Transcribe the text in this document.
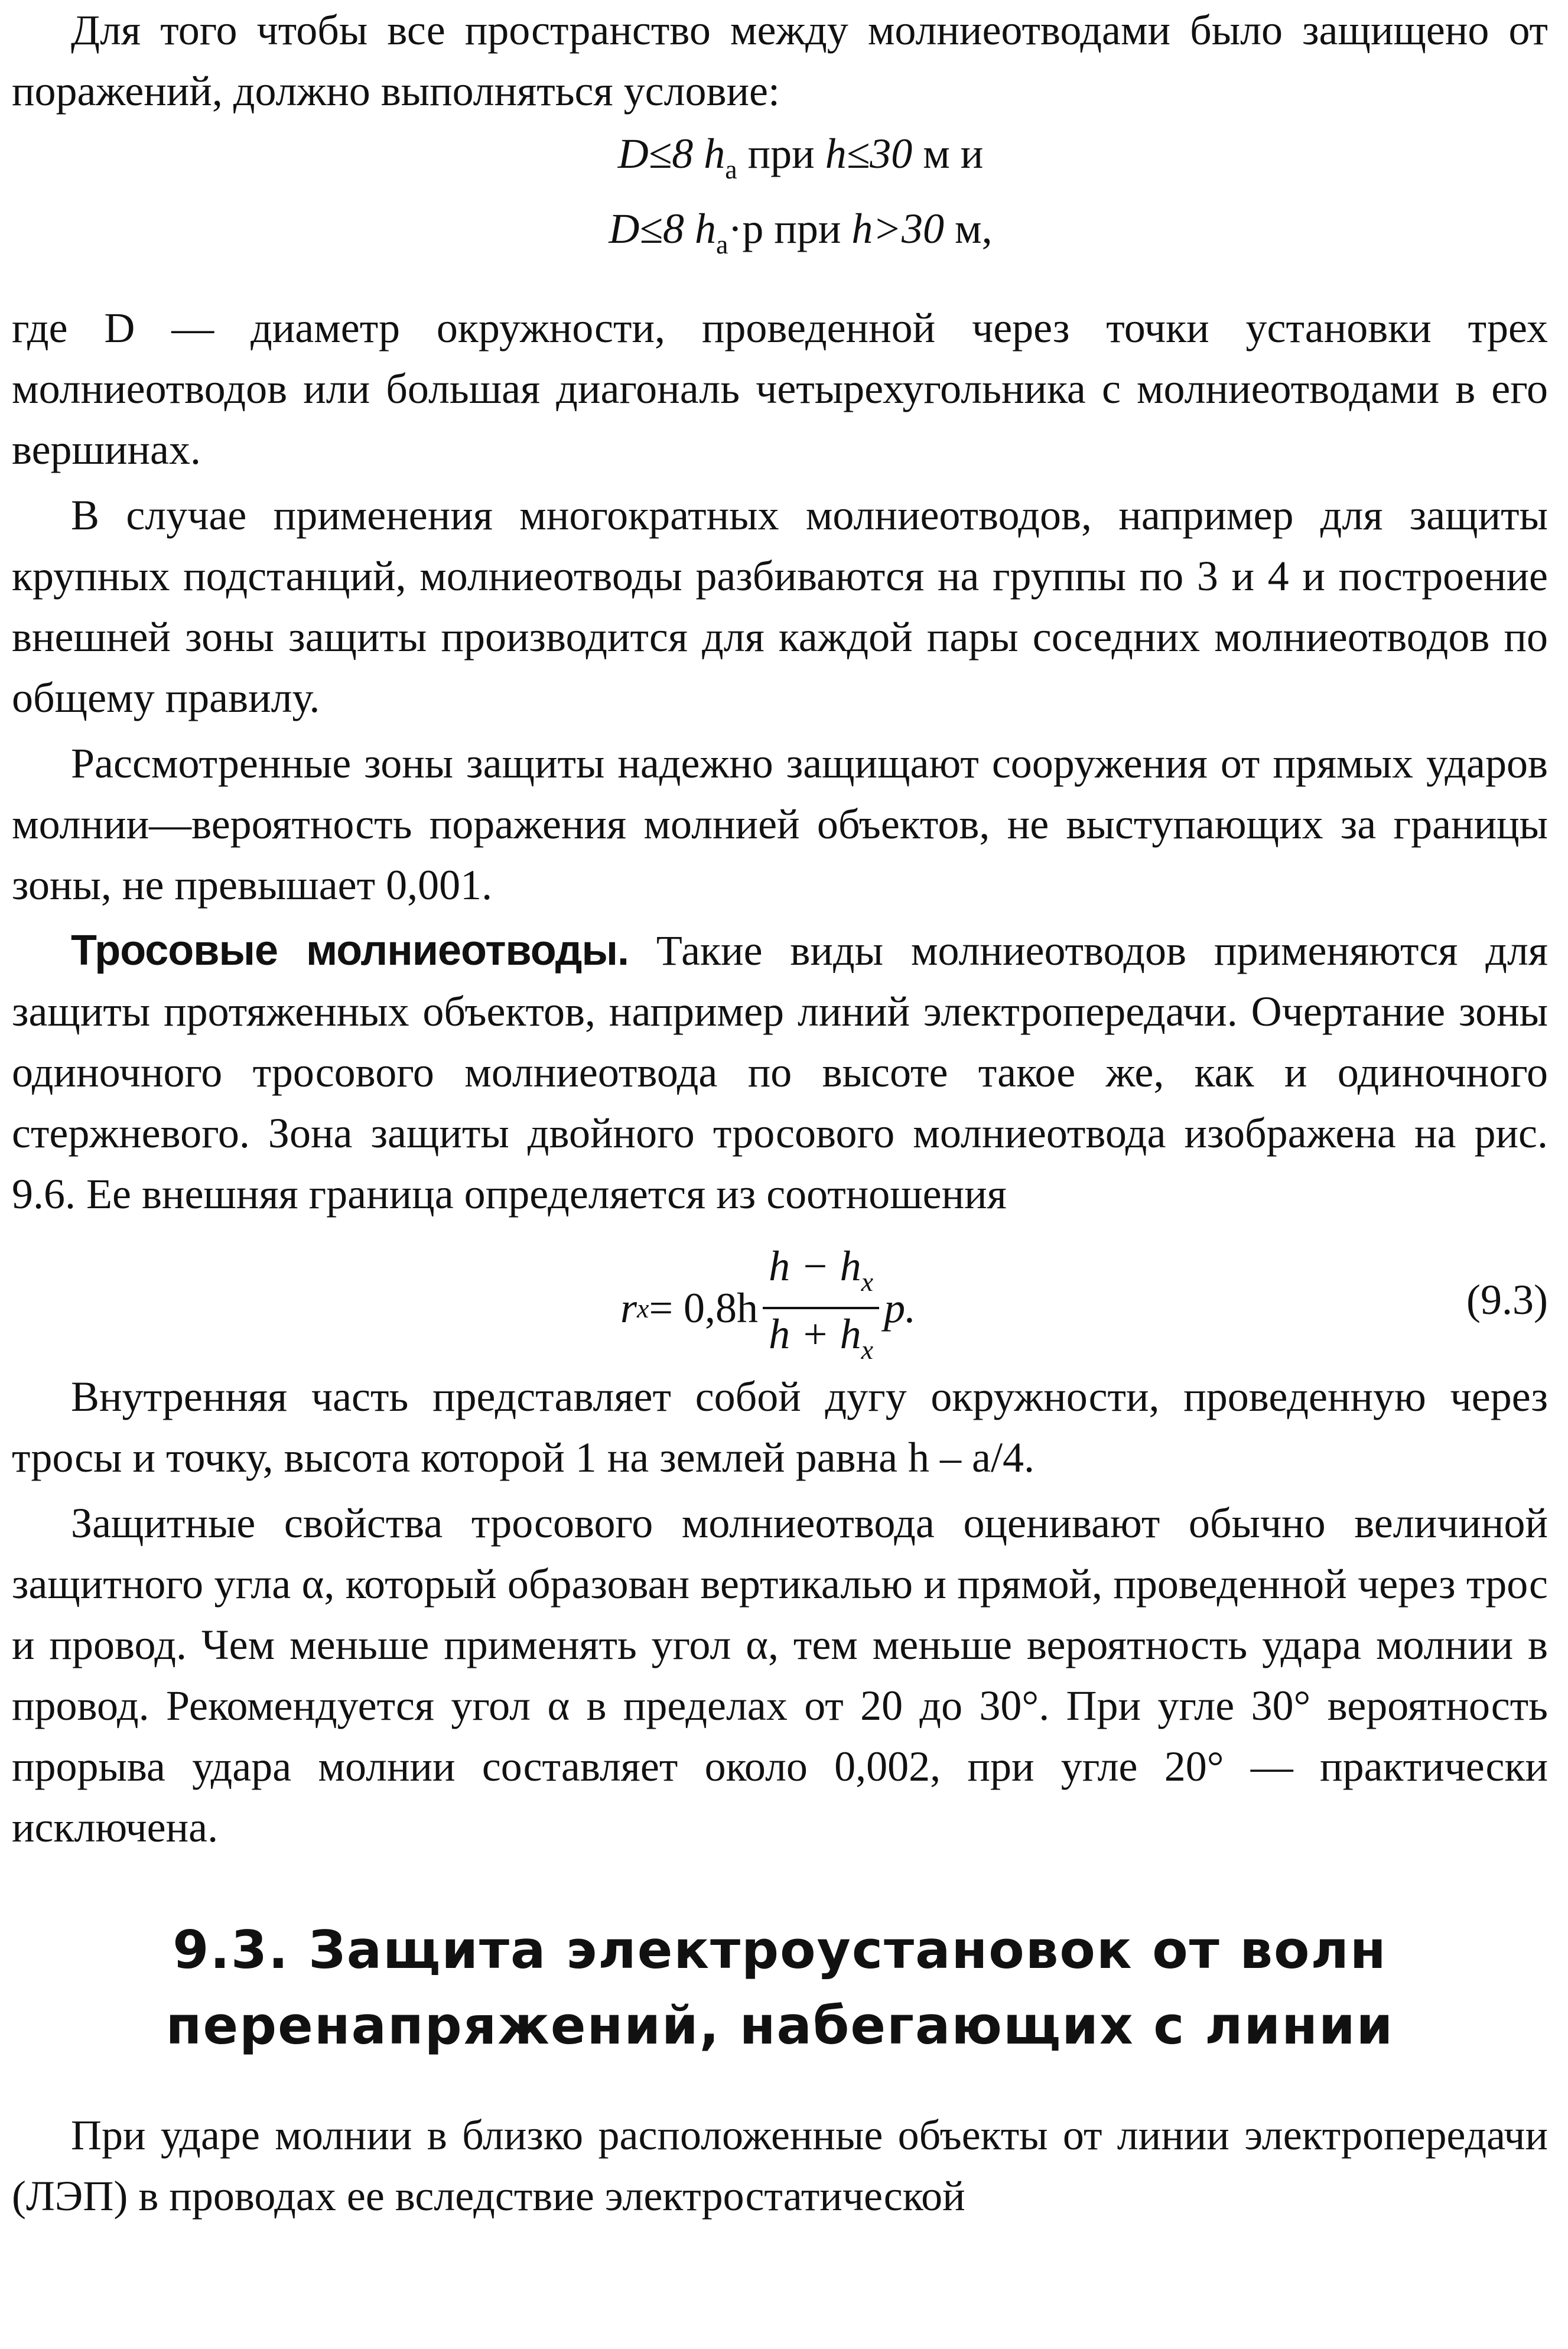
Для того чтобы все пространство между молниеотводами было защищено от поражений, должно выполняться условие:

D≤8 $h_а$ при h≤30 м и

D≤8 $h_а\cdot p$ при h>30 м,

где D — диаметр окружности, проведенной через точки установки трех молниеотводов или большая диагональ четырехугольника с молниеотводами в его вершинах.

В случае применения многократных молниеотводов, например для защиты крупных подстанций, молниеотводы разбиваются на группы по 3 и 4 и построение внешней зоны защиты производится для каждой пары соседних молниеотводов по общему правилу.

Рассмотренные зоны защиты надежно защищают сооружения от прямых ударов молнии—вероятность поражения молнией объектов, не выступающих за границы зоны, не превышает 0,001.

Тросовые молниеотводы. Такие виды молниеотводов применяются для защиты протяженных объектов, например линий электропередачи. Очертание зоны одиночного тросового молниеотвода по высоте такое же, как и одиночного стержневого. Зона защиты двойного тросового молниеотвода изображена на рис. 9.6. Ее внешняя граница определяется из соотношения

r $x = 0,8h \frac{h - h_x}{h + h_x} p$.	(9.3)

Внутренняя часть представляет собой дугу окружности, проведенную через тросы и точку, высота которой 1 на землей равна h – a/4.

Защитные свойства тросового молниеотвода оценивают обычно величиной защитного угла α, который образован вертикалью и прямой, проведенной через трос и провод. Чем меньше применять угол α, тем меньше вероятность удара молнии в провод. Рекомендуется угол α в пределах от 20 до 30°. При угле 30° вероятность прорыва удара молнии составляет около 0,002, при угле 20° — практически исключена.

9.3. Защита электроустановок от волн
перенапряжений, набегающих с линии

При ударе молнии в близко расположенные объекты от линии электропередачи (ЛЭП) в проводах ее вследствие электростатической
